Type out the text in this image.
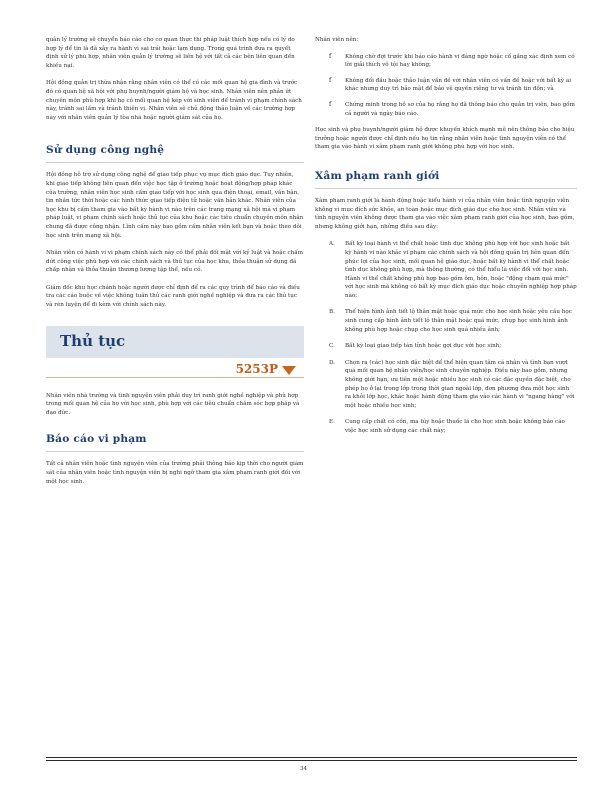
quản lý trường sẽ chuyển báo cáo cho cơ quan thực thi pháp luật thích hợp nếu có lý do hợp lý để tin là đã xảy ra hành vi sai trái hoặc lạm dụng. Trong quá trình đưa ra quyết định xử lý phù hợp, nhân viên quản lý trường sẽ liên hệ với tất cả các bên liên quan đến khiếu nại.

Hội đồng quản trị thừa nhận rằng nhân viên có thể có các mối quan hệ gia đình và trước đó có quan hệ xã hội với phụ huynh/người giám hộ và học sinh. Nhân viên nên phản ứt chuyên môn phù hợp khi họ có mối quan hệ kép với sinh viên để tránh vi phạm chính sách này, tránh sai lầm và tránh thiên vị. Nhân viên sẽ chủ động thảo luận về các trường hợp này với nhân viên quản lý tòa nhà hoặc người giám sát của họ.

Sử dụng công nghệ

Hội đồng hỗ trợ sử dụng công nghệ để giao tiếp phục vụ mục đích giáo dục. Tuy nhiên, khi giao tiếp không liên quan đến việc học tập ở trường hoặc hoạt động/hợp pháp khác của trường, nhân viên học sinh cấm giao tiếp với học sinh qua điện thoại, email, văn bản, tin nhắn tức thời hoặc các hình thức giao tiếp điện tử hoặc văn bản khác. Nhân viên của học khu bị cấm tham gia vào bất kỳ hành vi nào trên các trang mạng xã hội mà vi phạm pháp luật, vi phạm chính sách hoặc thủ tục của khu hoặc các tiêu chuẩn chuyên môn nhân chung đã được công nhận. Lĩnh cấm này bao gồm cấm nhân viên kết bạn và hoặc theo dõi học sinh trên mạng xã hội.

Nhân viên có hành vi vi phạm chính sách này có thể phải đối mặt với kỷ luật và hoặc chấm dứt công việc phù hợp với các chính sách và thủ tục của học khu, thỏa thuận sử dụng đã chấp nhận và thỏa thuận thương lượng tập thể, nếu có.

Giám đốc khu học chánh hoặc người được chỉ định để ra các quy trình để báo cáo và điều tra các cáo buộc về việc không tuân thủ các ranh giới nghề nghiệp và đưa ra các thủ tục và rèn luyện để đi kèm với chính sách này.

Thủ tục
5253P

Nhân viên nhà trường và tình nguyện viên phải duy trì ranh giới nghề nghiệp và phù hợp trong mối quan hệ của họ với học sinh, phù hợp với các tiêu chuẩn chăm sóc hợp pháp và đạo đức.

Báo cáo vi phạm

Tất cả nhân viên hoặc tình nguyện viên của trường phải thông báo kịp thời cho người giám sát của nhân viên hoặc tình nguyện viên bị nghi ngờ tham gia xâm phạm ranh giới đối với một học sinh.

Nhân viên nên:

f Không chờ đợi trước khi báo cáo hành vi đáng ngờ hoặc cố gắng xác định xem có lời giải thích vô tội hay không;

f Không đối đầu hoặc thảo luận vấn đề với nhân viên có vấn đề hoặc với bất kỳ ai khác nhưng duy trì bảo mật để bảo vệ quyền riêng tư và tránh tin đồn; và

f Chứng minh trong hồ sơ của họ rằng họ đã thông báo cho quản trị viên, bao gồm cả người và ngày báo cáo.

Học sinh và phụ huynh/người giám hộ được khuyến khích mạnh mẽ nên thông báo cho hiệu trưởng hoặc người được chỉ định nếu họ tin rằng nhân viên hoặc tình nguyện viên có thể tham gia vào hành vi xâm phạm ranh giới không phù hợp với học sinh.

Xâm phạm ranh giới

Xâm phạm ranh giới là hành động hoặc kiểu hành vi của nhân viên hoặc tình nguyện viên không vì mục đích sức khỏe, an toàn hoặc mục đích giáo dục cho học sinh. Nhân viên và tình nguyện viên không được tham gia vào việc xâm phạm ranh giới của học sinh, bao gồm, nhưng không giới hạn, những điều sau đây:

A. Bất kỳ loại hành vi thể chất hoặc tình dục không phù hợp với học sinh hoặc bất kỳ hành vi nào khác vi phạm các chính sách và hội đồng quản trị liên quan đến phúc lợi của học sinh, mối quan hệ giáo dục, hoặc bất kỳ hành vi thể chất hoặc tình dục không phù hợp, mà thông thường, có thể hiểu là việc đối với học sinh. Hành vi thể chất không phù hợp bao gồm ôm, hôn, hoặc "động chạm quá mức" với học sinh mà không có bất kỳ mục đích giáo dục hoặc chuyên nghiệp hợp pháp nào;

B. Thể hiện hình ảnh tiết lộ thân mật hoặc quá mức cho học sinh hoặc yêu cầu học sinh cung cấp hình ảnh tiết lộ thân mật hoặc quá mức, chụp học sinh hình ảnh không phù hợp hoặc chụp cho học sinh quá nhiều ảnh;

C. Bất kỳ loại giao tiếp tán tỉnh hoặc gợi dục với học sinh;

D. Chọn ra (các) học sinh đặc biệt để thể hiện quan tâm cá nhân và tình bạn vượt quá mối quan hệ nhân viên/học sinh chuyên nghiệp. Điều này bao gồm, nhưng không giới hạn, ưu tiên một hoặc nhiều học sinh có các đặc quyền đặc biệt, cho phép họ ở lại trong lớp trong thời gian ngoài lớp, đơn phương đưa một học sinh ra khỏi lớp học, khác hoặc hành động tham gia vào các hành vi "ngang hàng" với một hoặc nhiều học sinh;

E. Cung cấp chất có cồn, ma túy hoặc thuốc lá cho học sinh hoặc không báo cáo việc học sinh sử dụng các chất này;

34
